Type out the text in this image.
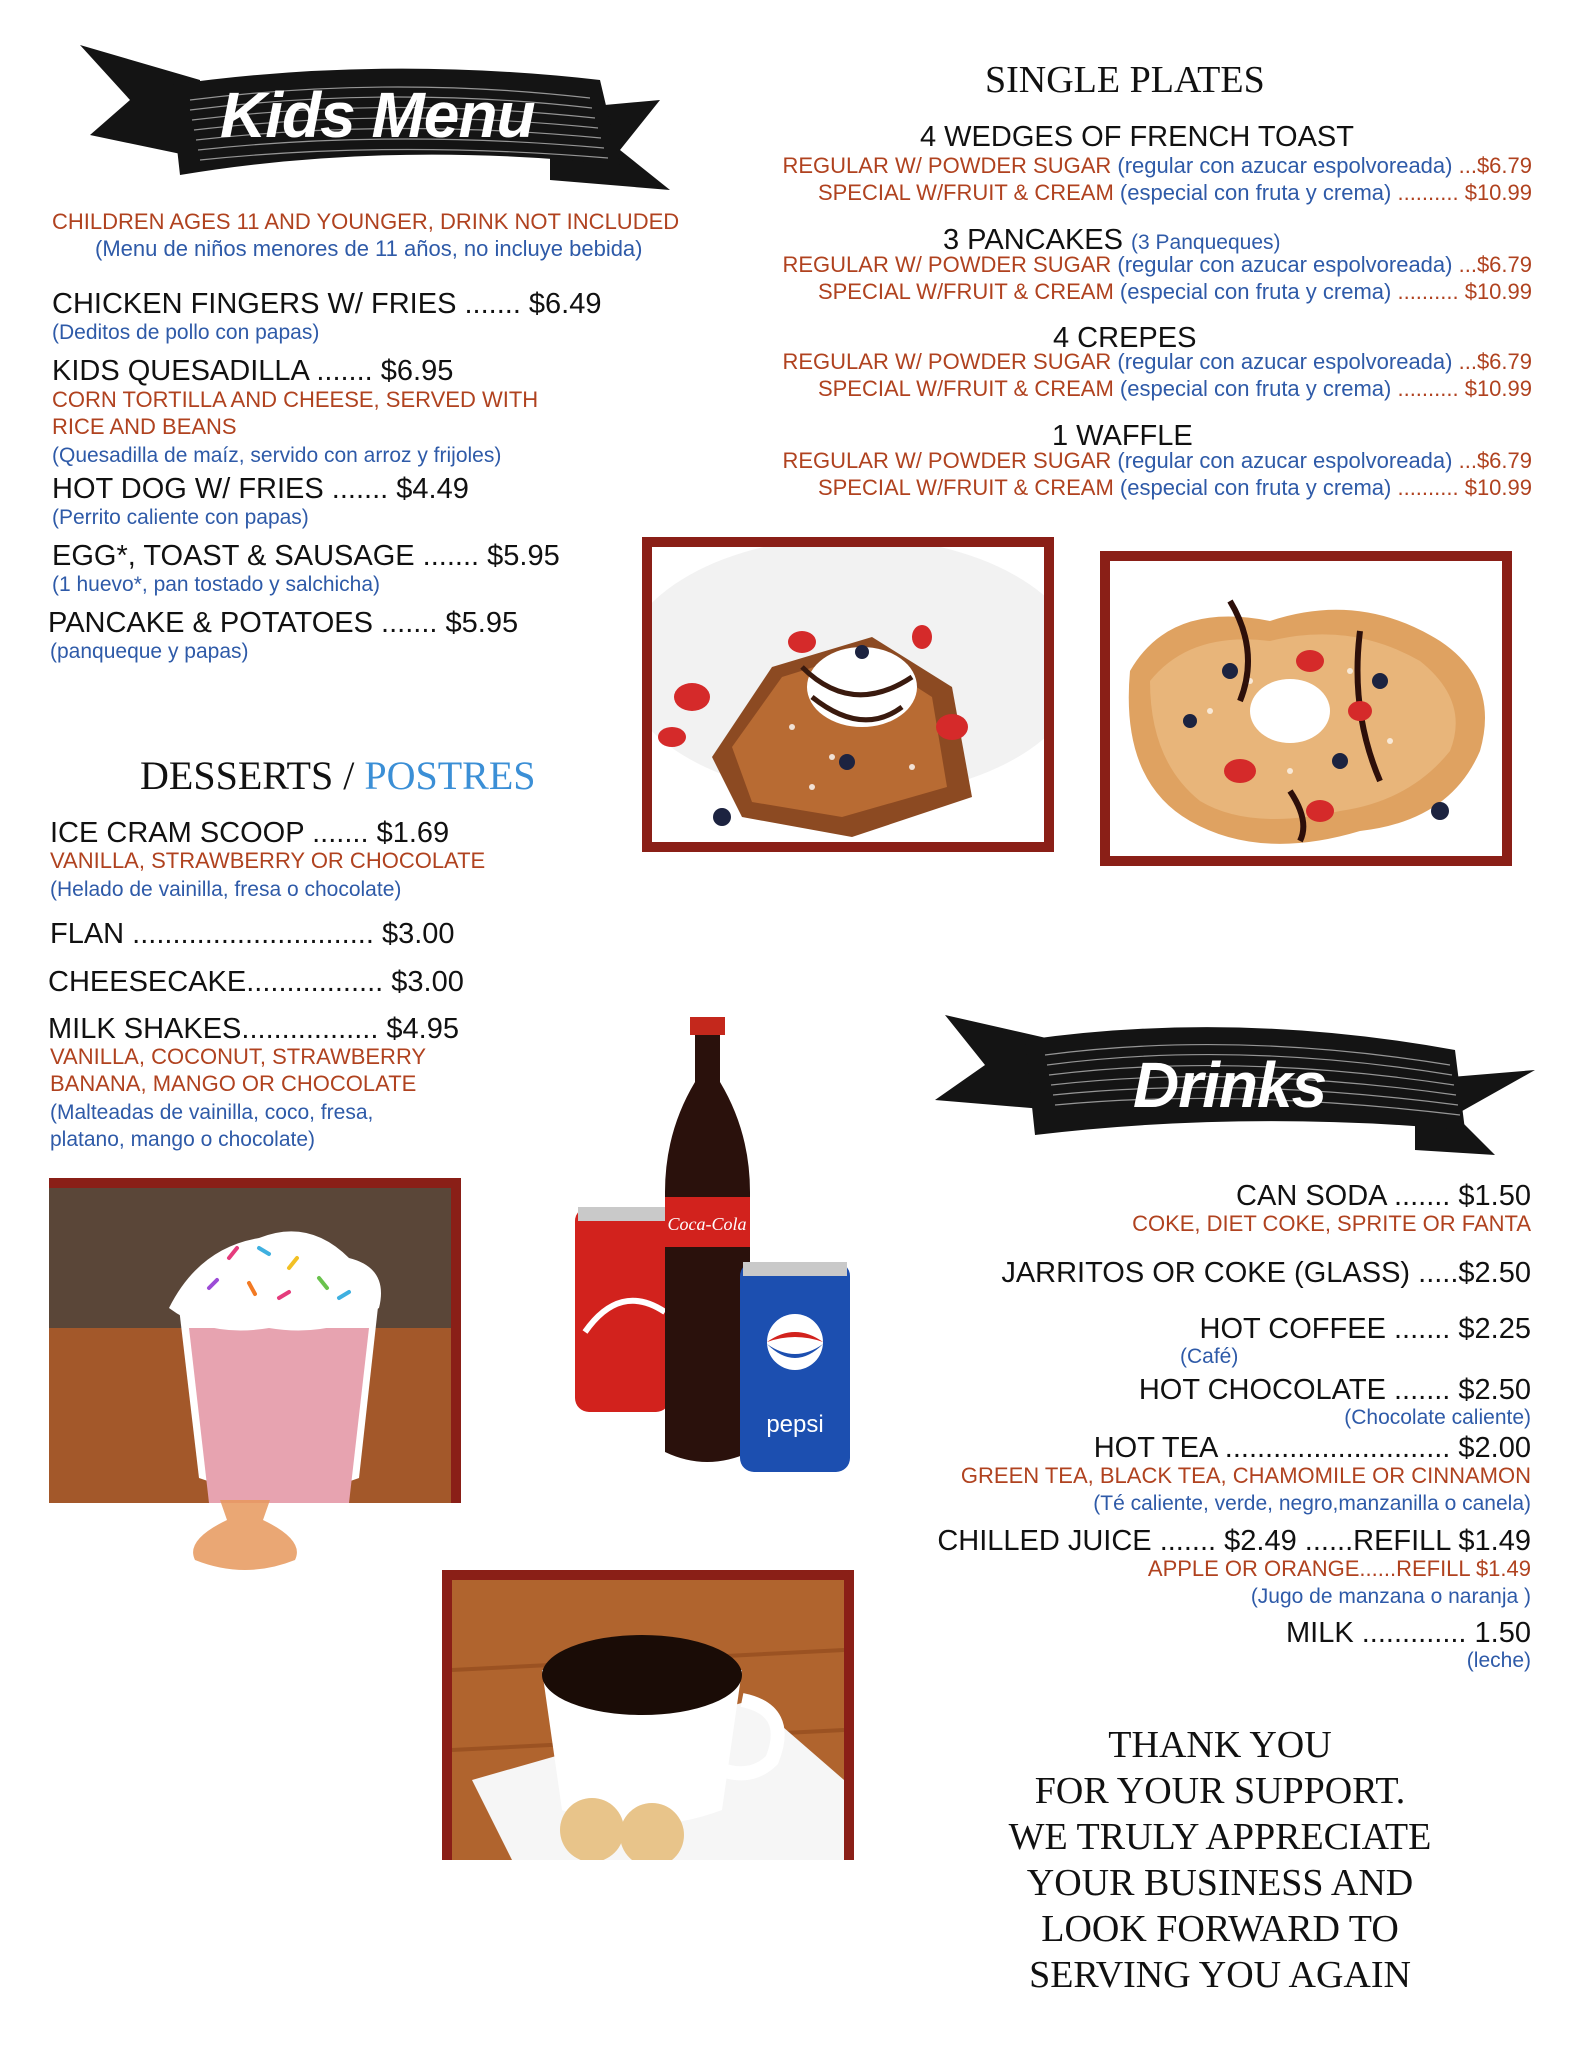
Kids Menu
CHILDREN AGES 11 AND YOUNGER, DRINK NOT INCLUDED
(Menu de niños menores de 11 años, no incluye bebida)
CHICKEN FINGERS W/ FRIES ....... $6.49
(Deditos de pollo con papas)
KIDS QUESADILLA ....... $6.95
CORN TORTILLA AND CHEESE, SERVED WITH
RICE AND BEANS
(Quesadilla de maíz, servido con arroz y frijoles)
HOT DOG W/ FRIES ....... $4.49
(Perrito caliente con papas)
EGG*, TOAST & SAUSAGE ....... $5.95
(1 huevo*, pan tostado y salchicha)
PANCAKE & POTATOES ....... $5.95
(panqueque y papas)
DESSERTS / POSTRES
ICE CRAM SCOOP ....... $1.69
VANILLA, STRAWBERRY OR CHOCOLATE
(Helado de vainilla, fresa o chocolate)
FLAN .............................. $3.00
CHEESECAKE................. $3.00
MILK SHAKES................. $4.95
VANILLA, COCONUT, STRAWBERRY
BANANA, MANGO OR CHOCOLATE
(Malteadas de vainilla, coco, fresa,
platano, mango o chocolate)
SINGLE PLATES
4 WEDGES OF FRENCH TOAST
REGULAR W/ POWDER SUGAR (regular con azucar espolvoreada) ...$6.79
SPECIAL W/FRUIT & CREAM (especial con fruta y crema) .......... $10.99
3 PANCAKES (3 Panqueques)
REGULAR W/ POWDER SUGAR (regular con azucar espolvoreada) ...$6.79
SPECIAL W/FRUIT & CREAM (especial con fruta y crema) .......... $10.99
4 CREPES
REGULAR W/ POWDER SUGAR (regular con azucar espolvoreada) ...$6.79
SPECIAL W/FRUIT & CREAM (especial con fruta y crema) .......... $10.99
1 WAFFLE
REGULAR W/ POWDER SUGAR (regular con azucar espolvoreada) ...$6.79
SPECIAL W/FRUIT & CREAM (especial con fruta y crema) .......... $10.99
Coca-Cola
pepsi
Drinks
CAN SODA ....... $1.50
COKE, DIET COKE, SPRITE OR FANTA
JARRITOS OR COKE (GLASS) .....$2.50
HOT COFFEE ....... $2.25
(Café)
HOT CHOCOLATE ....... $2.50
(Chocolate caliente)
HOT TEA ............................ $2.00
GREEN TEA, BLACK TEA, CHAMOMILE OR CINNAMON
(Té caliente, verde, negro,manzanilla o canela)
CHILLED JUICE ....... $2.49 ......REFILL $1.49
APPLE OR ORANGE......REFILL $1.49
(Jugo de manzana o naranja )
MILK ............. 1.50
(leche)
THANK YOU
FOR YOUR SUPPORT.
WE TRULY APPRECIATE
YOUR BUSINESS AND
LOOK FORWARD TO
SERVING YOU AGAIN
